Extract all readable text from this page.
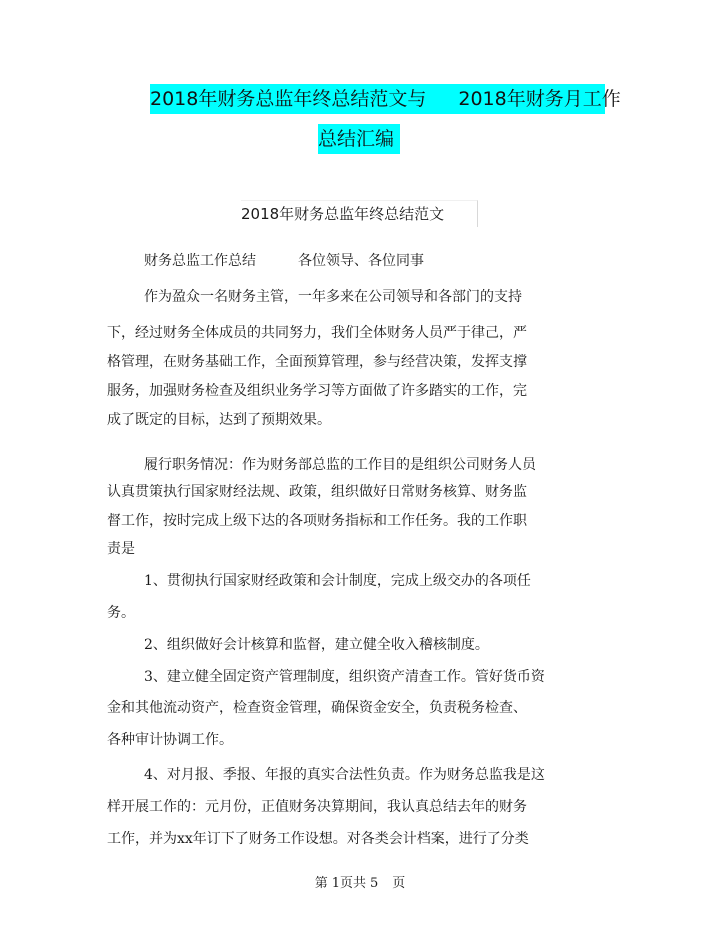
2018年财务总监年终总结范文与 2018年财务月工作
总结汇编
2018年财务总监年终总结范文
财务总监工作总结	各位领导、各位同事
作为盈众一名财务主管，一年多来在公司领导和各部门的支持
下，经过财务全体成员的共同努力，我们全体财务人员严于律己，严
格管理，在财务基础工作，全面预算管理，参与经营决策，发挥支撑
服务，加强财务检查及组织业务学习等方面做了许多踏实的工作，完
成了既定的目标，达到了预期效果。
履行职务情况：作为财务部总监的工作目的是组织公司财务人员
认真贯策执行国家财经法规、政策，组织做好日常财务核算、财务监
督工作，按时完成上级下达的各项财务指标和工作任务。我的工作职
责是
1、贯彻执行国家财经政策和会计制度，完成上级交办的各项任
务。
2、组织做好会计核算和监督，建立健全收入稽核制度。
3、建立健全固定资产管理制度，组织资产清查工作。管好货币资
金和其他流动资产，检查资金管理，确保资金安全，负责税务检查、
各种审计协调工作。
4、对月报、季报、年报的真实合法性负责。作为财务总监我是这
样开展工作的：元月份，正值财务决算期间，我认真总结去年的财务
工作，并为xx年订下了财务工作设想。对各类会计档案，进行了分类
第 1页共 5 页
